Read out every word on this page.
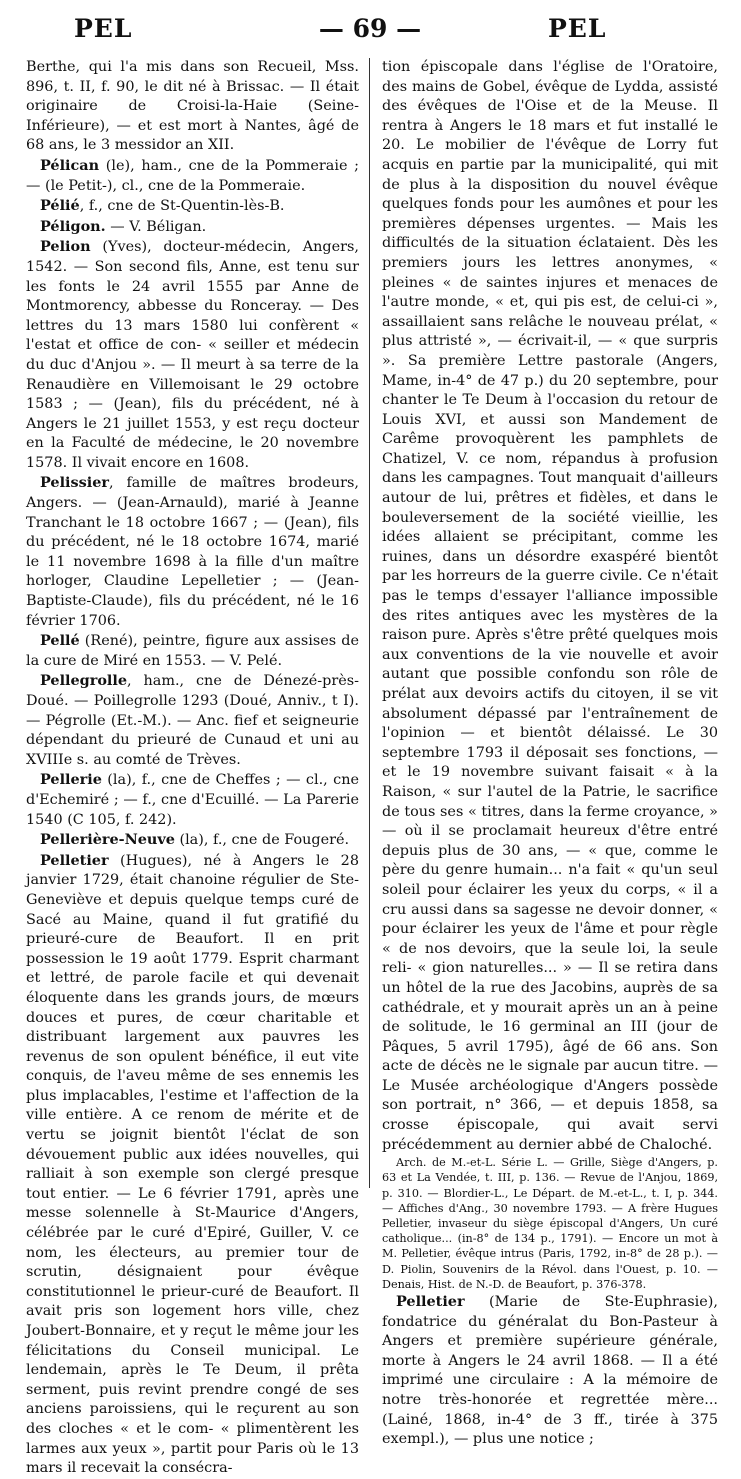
PEL	— 69 —	PEL

Berthe, qui l'a mis dans son Recueil, Mss. 896, t. II, f. 90, le dit né à Brissac. — Il était originaire de Croisi-la-Haie (Seine-Inférieure), — et est mort à Nantes, âgé de 68 ans, le 3 messidor an XII.

Pélican (le), ham., cne de la Pommeraie ; — (le Petit-), cl., cne de la Pommeraie.

Pélié, f., cne de St-Quentin-lès-B.

Péligon. — V. Béligan.

Pelion (Yves), docteur-médecin, Angers, 1542. — Son second fils, Anne, est tenu sur les fonts le 24 avril 1555 par Anne de Montmorency, abbesse du Ronceray. — Des lettres du 13 mars 1580 lui confèrent « l'estat et office de con- « seiller et médecin du duc d'Anjou ». — Il meurt à sa terre de la Renaudière en Villemoisant le 29 octobre 1583 ; — (Jean), fils du précédent, né à Angers le 21 juillet 1553, y est reçu docteur en la Faculté de médecine, le 20 novembre 1578. Il vivait encore en 1608.

Pelissier, famille de maîtres brodeurs, Angers. — (Jean-Arnauld), marié à Jeanne Tranchant le 18 octobre 1667 ; — (Jean), fils du précédent, né le 18 octobre 1674, marié le 11 novembre 1698 à la fille d'un maître horloger, Claudine Lepelletier ; — (Jean-Baptiste-Claude), fils du précédent, né le 16 février 1706.

Pellé (René), peintre, figure aux assises de la cure de Miré en 1553. — V. Pelé.

Pellegrolle, ham., cne de Dénezé-près-Doué. — Poillegrolle 1293 (Doué, Anniv., t I). — Pégrolle (Et.-M.). — Anc. fief et seigneurie dépendant du prieuré de Cunaud et uni au XVIIIe s. au comté de Trèves.

Pellerie (la), f., cne de Cheffes ; — cl., cne d'Echemiré ; — f., cne d'Ecuillé. — La Parerie 1540 (C 105, f. 242).

Pellerière-Neuve (la), f., cne de Fougeré.

Pelletier (Hugues), né à Angers le 28 janvier 1729, était chanoine régulier de Ste-Geneviève et depuis quelque temps curé de Sacé au Maine, quand il fut gratifié du prieuré-cure de Beaufort. Il en prit possession le 19 août 1779. Esprit charmant et lettré, de parole facile et qui devenait éloquente dans les grands jours, de mœurs douces et pures, de cœur charitable et distribuant largement aux pauvres les revenus de son opulent bénéfice, il eut vite conquis, de l'aveu même de ses ennemis les plus implacables, l'estime et l'affection de la ville entière. A ce renom de mérite et de vertu se joignit bientôt l'éclat de son dévouement public aux idées nouvelles, qui ralliait à son exemple son clergé presque tout entier. — Le 6 février 1791, après une messe solennelle à St-Maurice d'Angers, célébrée par le curé d'Epiré, Guiller, V. ce nom, les électeurs, au premier tour de scrutin, désignaient pour évêque constitutionnel le prieur-curé de Beaufort. Il avait pris son logement hors ville, chez Joubert-Bonnaire, et y reçut le même jour les félicitations du Conseil municipal. Le lendemain, après le Te Deum, il prêta serment, puis revint prendre congé de ses anciens paroissiens, qui le reçurent au son des cloches « et le com- « plimentèrent les larmes aux yeux », partit pour Paris où le 13 mars il recevait la consécra-

tion épiscopale dans l'église de l'Oratoire, des mains de Gobel, évêque de Lydda, assisté des évêques de l'Oise et de la Meuse. Il rentra à Angers le 18 mars et fut installé le 20. Le mobilier de l'évêque de Lorry fut acquis en partie par la municipalité, qui mit de plus à la disposition du nouvel évêque quelques fonds pour les aumônes et pour les premières dépenses urgentes. — Mais les difficultés de la situation éclataient. Dès les premiers jours les lettres anonymes, « pleines « de saintes injures et menaces de l'autre monde, « et, qui pis est, de celui-ci », assaillaient sans relâche le nouveau prélat, « plus attristé », — écrivait-il, — « que surpris ». Sa première Lettre pastorale (Angers, Mame, in-4° de 47 p.) du 20 septembre, pour chanter le Te Deum à l'occasion du retour de Louis XVI, et aussi son Mandement de Carême provoquèrent les pamphlets de Chatizel, V. ce nom, répandus à profusion dans les campagnes. Tout manquait d'ailleurs autour de lui, prêtres et fidèles, et dans le bouleversement de la société vieillie, les idées allaient se précipitant, comme les ruines, dans un désordre exaspéré bientôt par les horreurs de la guerre civile. Ce n'était pas le temps d'essayer l'alliance impossible des rites antiques avec les mystères de la raison pure. Après s'être prêté quelques mois aux conventions de la vie nouvelle et avoir autant que possible confondu son rôle de prélat aux devoirs actifs du citoyen, il se vit absolument dépassé par l'entraînement de l'opinion — et bientôt délaissé. Le 30 septembre 1793 il déposait ses fonctions, — et le 19 novembre suivant faisait « à la Raison, « sur l'autel de la Patrie, le sacrifice de tous ses « titres, dans la ferme croyance, » — où il se proclamait heureux d'être entré depuis plus de 30 ans, — « que, comme le père du genre humain... n'a fait « qu'un seul soleil pour éclairer les yeux du corps, « il a cru aussi dans sa sagesse ne devoir donner, « pour éclairer les yeux de l'âme et pour règle « de nos devoirs, que la seule loi, la seule reli- « gion naturelles... » — Il se retira dans un hôtel de la rue des Jacobins, auprès de sa cathédrale, et y mourait après un an à peine de solitude, le 16 germinal an III (jour de Pâques, 5 avril 1795), âgé de 66 ans. Son acte de décès ne le signale par aucun titre. — Le Musée archéologique d'Angers possède son portrait, n° 366, — et depuis 1858, sa crosse épiscopale, qui avait servi précédemment au dernier abbé de Chaloché.

Arch. de M.-et-L. Série L. — Grille, Siège d'Angers, p. 63 et La Vendée, t. III, p. 136. — Revue de l'Anjou, 1869, p. 310. — Blordier-L., Le Départ. de M.-et-L., t. I, p. 344. — Affiches d'Ang., 30 novembre 1793. — A frère Hugues Pelletier, invaseur du siège épiscopal d'Angers, Un curé catholique... (in-8° de 134 p., 1791). — Encore un mot à M. Pelletier, évêque intrus (Paris, 1792, in-8° de 28 p.). — D. Piolin, Souvenirs de la Révol. dans l'Ouest, p. 10. — Denais, Hist. de N.-D. de Beaufort, p. 376-378.

Pelletier (Marie de Ste-Euphrasie), fondatrice du généralat du Bon-Pasteur à Angers et première supérieure générale, morte à Angers le 24 avril 1868. — Il a été imprimé une circulaire : A la mémoire de notre très-honorée et regrettée mère... (Lainé, 1868, in-4° de 3 ff., tirée à 375 exempl.), — plus une notice ;
